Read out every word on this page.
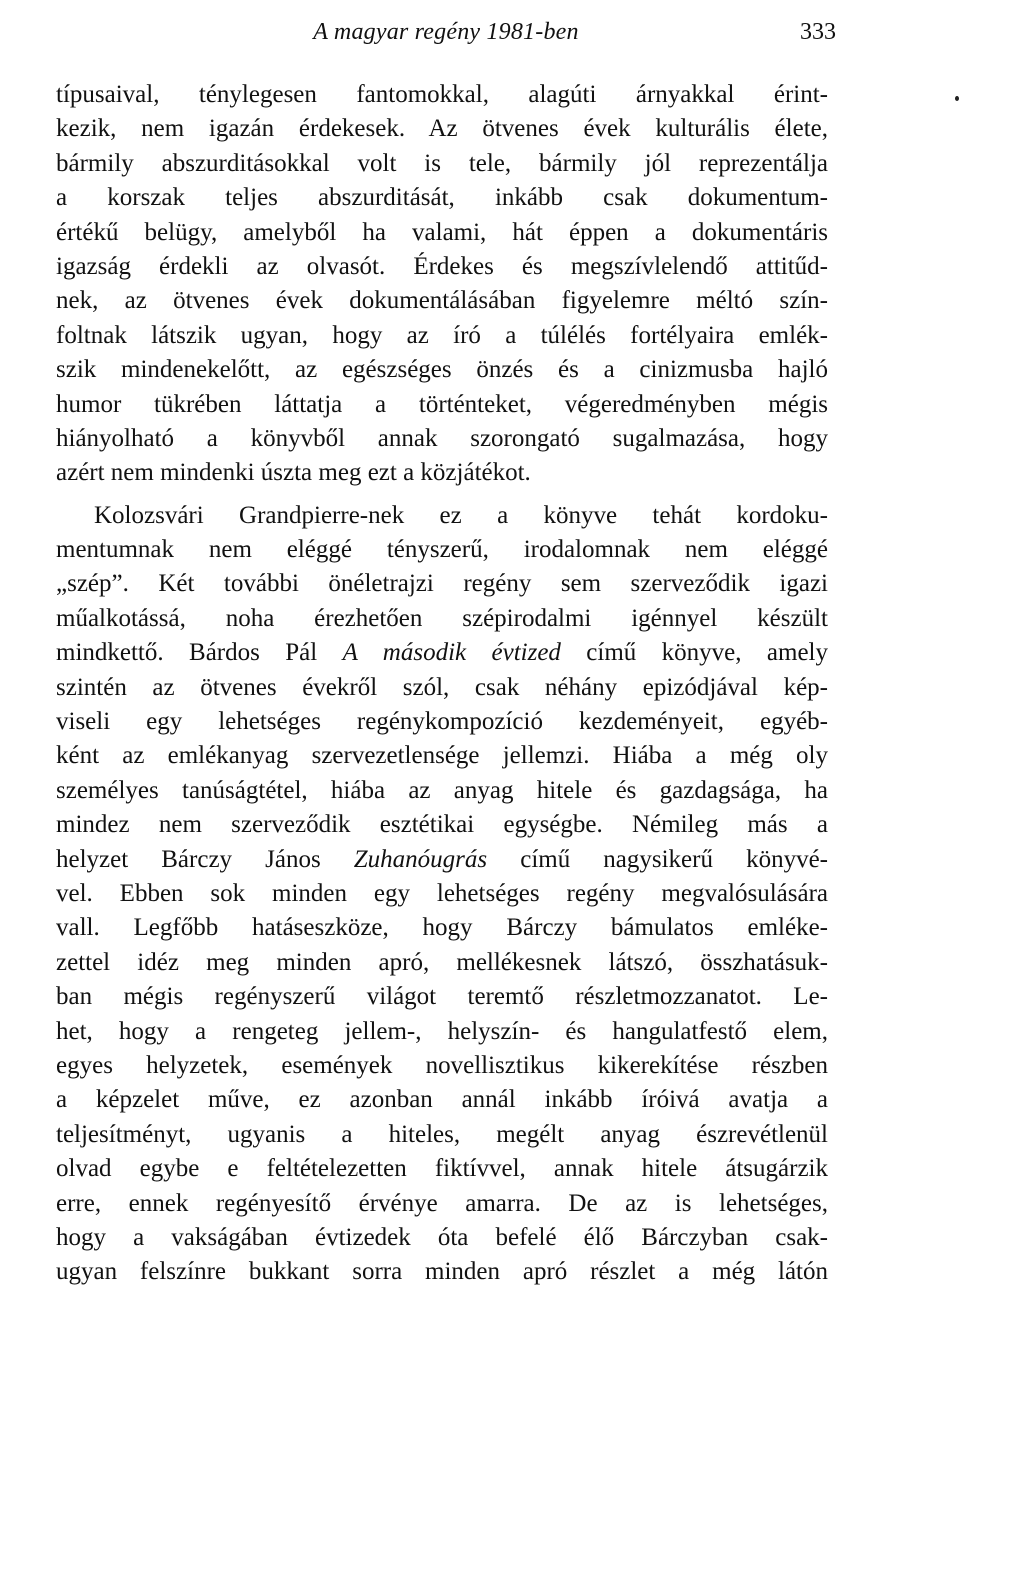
A magyar regény 1981-ben	333
típusaival, ténylegesen fantomokkal, alagúti árnyakkal érint-
kezik, nem igazán érdekesek. Az ötvenes évek kulturális élete,
bármily abszurditásokkal volt is tele, bármily jól reprezentálja
a korszak teljes abszurditását, inkább csak dokumentum-
értékű belügy, amelyből ha valami, hát éppen a dokumentáris
igazság érdekli az olvasót. Érdekes és megszívlelendő attitűd-
nek, az ötvenes évek dokumentálásában figyelemre méltó szín-
foltnak látszik ugyan, hogy az író a túlélés fortélyaira emlék-
szik mindenekelőtt, az egészséges önzés és a cinizmusba hajló
humor tükrében láttatja a történteket, végeredményben mégis
hiányolható a könyvből annak szorongató sugalmazása, hogy
azért nem mindenki úszta meg ezt a közjátékot.
Kolozsvári Grandpierre-nek ez a könyve tehát kordoku-
mentumnak nem eléggé tényszerű, irodalomnak nem eléggé
„szép”. Két további önéletrajzi regény sem szerveződik igazi
műalkotássá, noha érezhetően szépirodalmi igénnyel készült
mindkettő. Bárdos Pál A második évtized című könyve, amely
szintén az ötvenes évekről szól, csak néhány epizódjával kép-
viseli egy lehetséges regénykompozíció kezdeményeit, egyéb-
ként az emlékanyag szervezetlensége jellemzi. Hiába a még oly
személyes tanúságtétel, hiába az anyag hitele és gazdagsága, ha
mindez nem szerveződik esztétikai egységbe. Némileg más a
helyzet Bárczy János Zuhanóugrás című nagysikerű könyvé-
vel. Ebben sok minden egy lehetséges regény megvalósulására
vall. Legfőbb hatáseszköze, hogy Bárczy bámulatos emléke-
zettel idéz meg minden apró, mellékesnek látszó, összhatásuk-
ban mégis regényszerű világot teremtő részletmozzanatot. Le-
het, hogy a rengeteg jellem-, helyszín- és hangulatfestő elem,
egyes helyzetek, események novellisztikus kikerekítése részben
a képzelet műve, ez azonban annál inkább íróivá avatja a
teljesítményt, ugyanis a hiteles, megélt anyag észrevétlenül
olvad egybe e feltételezetten fiktívvel, annak hitele átsugárzik
erre, ennek regényesítő érvénye amarra. De az is lehetséges,
hogy a vakságában évtizedek óta befelé élő Bárczyban csak-
ugyan felszínre bukkant sorra minden apró részlet a még látón
